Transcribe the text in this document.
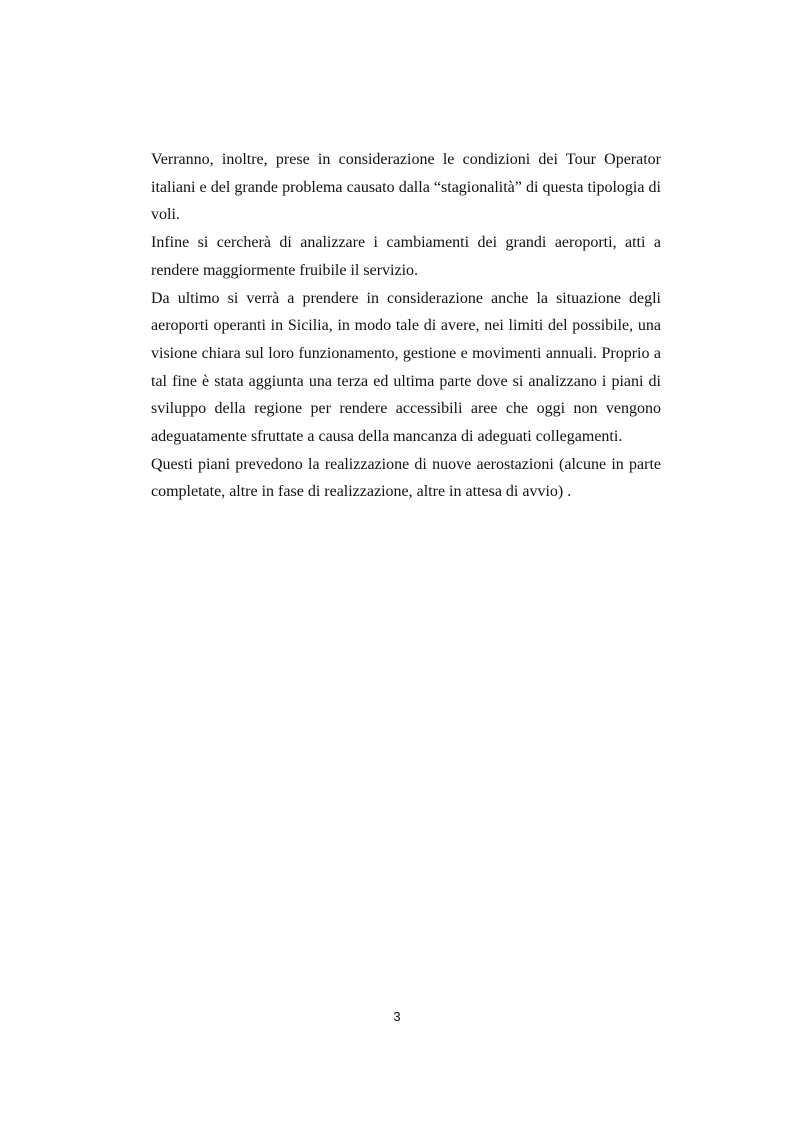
Verranno, inoltre, prese in considerazione le condizioni dei Tour Operator
italiani e del grande problema causato dalla “stagionalità” di questa tipologia di
voli.

Infine si cercherà di analizzare i cambiamenti dei grandi aeroporti, atti a
rendere maggiormente fruibile il servizio.

Da ultimo si verrà a prendere in considerazione anche la situazione degli
aeroporti operanti in Sicilia, in modo tale di avere, nei limiti del possibile, una
visione chiara sul loro funzionamento, gestione e movimenti annuali. Proprio a
tal fine è stata aggiunta una terza ed ultima parte dove si analizzano i piani di
sviluppo della regione per rendere accessibili aree che oggi non vengono
adeguatamente sfruttate a causa della mancanza di adeguati collegamenti.

Questi piani prevedono la realizzazione di nuove aerostazioni (alcune in parte
completate, altre in fase di realizzazione, altre in attesa di avvio) .

3
